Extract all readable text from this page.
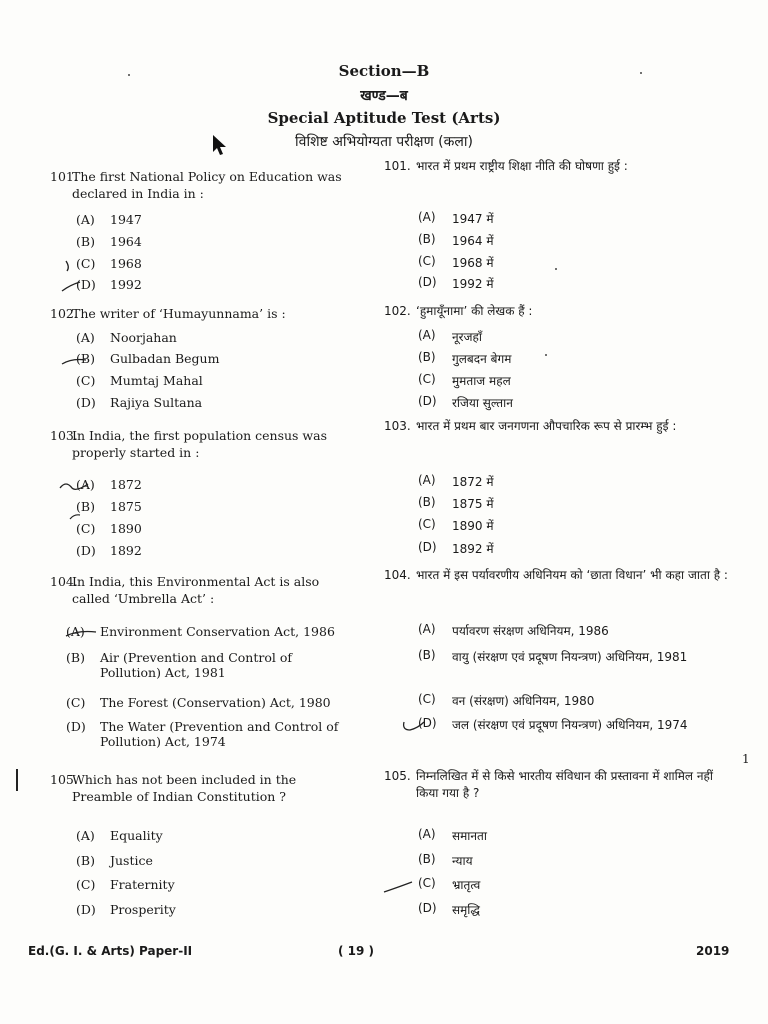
Section—B
खण्ड—ब
Special Aptitude Test (Arts)
विशिष्ट अभियोग्यता परीक्षण (कला)
101.
The first National Policy on Education was declared in India in :
(A) 1947
(B) 1964
(C) 1968
(D) 1992
102.
The writer of ‘Humayunnama’ is :
(A) Noorjahan
(B) Gulbadan Begum
(C) Mumtaj Mahal
(D) Rajiya Sultana
103.
In India, the first population census was properly started in :
(A) 1872
(B) 1875
(C) 1890
(D) 1892
104.
In India, this Environmental Act is also called ‘Umbrella Act’ :
(A) Environment Conservation Act, 1986
(B) Air (Prevention and Control of Pollution) Act, 1981
(C) The Forest (Conservation) Act, 1980
(D) The Water (Prevention and Control of Pollution) Act, 1974
105.
Which has not been included in the Preamble of Indian Constitution ?
(A) Equality
(B) Justice
(C) Fraternity
(D) Prosperity
101. भारत में प्रथम राष्ट्रीय शिक्षा नीति की घोषणा हुई :
(A) 1947 में
(B) 1964 में
(C) 1968 में
(D) 1992 में
102. ‘हुमायूँनामा’ की लेखक हैं :
(A) नूरजहाँ
(B) गुलबदन बेगम
(C) मुमताज महल
(D) रजिया सुल्तान
103. भारत में प्रथम बार जनगणना औपचारिक रूप से प्रारम्भ हुई :
(A) 1872 में
(B) 1875 में
(C) 1890 में
(D) 1892 में
104. भारत में इस पर्यावरणीय अधिनियम को ‘छाता विधान’ भी कहा जाता है :
(A) पर्यावरण संरक्षण अधिनियम, 1986
(B) वायु (संरक्षण एवं प्रदूषण नियन्त्रण) अधिनियम, 1981
(C) वन (संरक्षण) अधिनियम, 1980
(D) जल (संरक्षण एवं प्रदूषण नियन्त्रण) अधिनियम, 1974
105. निम्नलिखित में से किसे भारतीय संविधान की प्रस्तावना में शामिल नहीं किया गया है ?
(A) समानता
(B) न्याय
(C) भ्रातृत्व
(D) समृद्धि
1
Ed.(G. I. & Arts) Paper-II	( 19 )	2019
